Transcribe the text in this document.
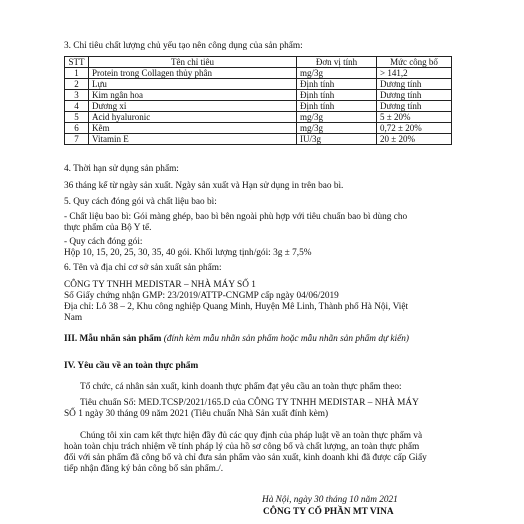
3. Chỉ tiêu chất lượng chủ yếu tạo nên công dụng của sản phẩm:
STT	Tên chỉ tiêu	Đơn vị tính	Mức công bố
1	Protein trong Collagen thủy phân	mg/3g	> 141,2
2	Lựu	Định tính	Dương tính
3	Kim ngân hoa	Định tính	Dương tính
4	Dương xỉ	Định tính	Dương tính
5	Acid hyaluronic	mg/3g	5 ± 20%
6	Kẽm	mg/3g	0,72 ± 20%
7	Vitamin E	IU/3g	20 ± 20%
4. Thời hạn sử dụng sản phẩm:
36 tháng kể từ ngày sản xuất. Ngày sản xuất và Hạn sử dụng in trên bao bì.
5. Quy cách đóng gói và chất liệu bao bì:
- Chất liệu bao bì: Gói màng ghép, bao bì bên ngoài phù hợp với tiêu chuẩn bao bì dùng cho
thực phẩm của Bộ Y tế.
- Quy cách đóng gói:
Hộp 10, 15, 20, 25, 30, 35, 40 gói. Khối lượng tịnh/gói: 3g ± 7,5%
6. Tên và địa chỉ cơ sở sản xuất sản phẩm:
CÔNG TY TNHH MEDISTAR – NHÀ MÁY SỐ 1
Số Giấy chứng nhận GMP: 23/2019/ATTP-CNGMP cấp ngày 04/06/2019
Địa chỉ: Lô 38 – 2, Khu công nghiệp Quang Minh, Huyện Mê Linh, Thành phố Hà Nội, Việt
Nam
III. Mẫu nhãn sản phẩm (đính kèm mẫu nhãn sản phẩm hoặc mẫu nhãn sản phẩm dự kiến)
IV. Yêu cầu về an toàn thực phẩm
Tổ chức, cá nhân sản xuất, kinh doanh thực phẩm đạt yêu cầu an toàn thực phẩm theo:
Tiêu chuẩn Số: MED.TCSP/2021/165.D của CÔNG TY TNHH MEDISTAR – NHÀ MÁY
SỐ 1 ngày 30 tháng 09 năm 2021 (Tiêu chuẩn Nhà Sản xuất đính kèm)
Chúng tôi xin cam kết thực hiện đầy đủ các quy định của pháp luật về an toàn thực phẩm và
hoàn toàn chịu trách nhiệm về tính pháp lý của hồ sơ công bố và chất lượng, an toàn thực phẩm
đối với sản phẩm đã công bố và chỉ đưa sản phẩm vào sản xuất, kinh doanh khi đã được cấp Giấy
tiếp nhận đăng ký bản công bố sản phẩm./.
Hà Nội, ngày 30 tháng 10 năm 2021
CÔNG TY CỔ PHẦN MT VINA
